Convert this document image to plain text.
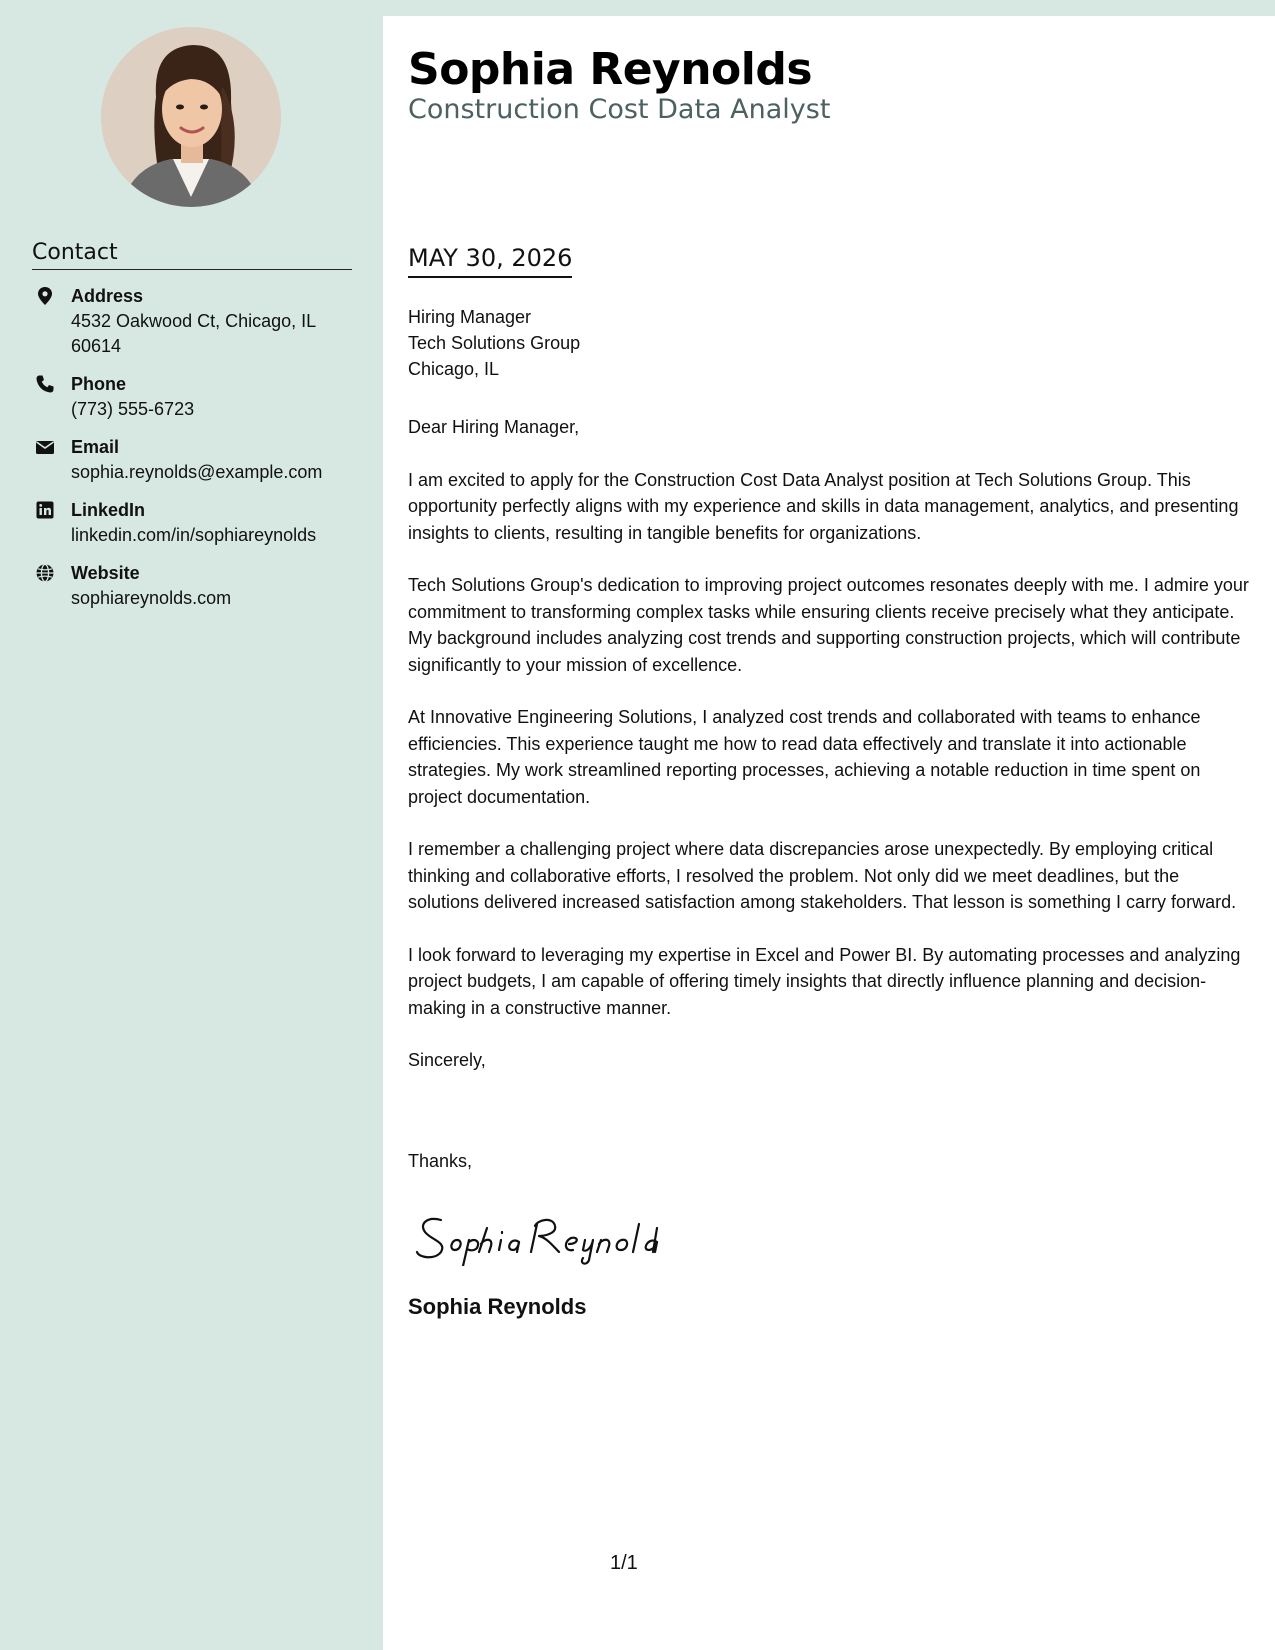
Contact
Address
4532 Oakwood Ct, Chicago, IL 60614
Phone
(773) 555-6723
Email
sophia.reynolds@example.com
LinkedIn
linkedin.com/in/sophiareynolds
Website
sophiareynolds.com
Sophia Reynolds
Construction Cost Data Analyst
MAY 30, 2026
Hiring Manager
Tech Solutions Group
Chicago, IL

Dear Hiring Manager,

I am excited to apply for the Construction Cost Data Analyst position at Tech Solutions Group. This opportunity perfectly aligns with my experience and skills in data management, analytics, and presenting insights to clients, resulting in tangible benefits for organizations.

Tech Solutions Group's dedication to improving project outcomes resonates deeply with me. I admire your commitment to transforming complex tasks while ensuring clients receive precisely what they anticipate. My background includes analyzing cost trends and supporting construction projects, which will contribute significantly to your mission of excellence.

At Innovative Engineering Solutions, I analyzed cost trends and collaborated with teams to enhance efficiencies. This experience taught me how to read data effectively and translate it into actionable strategies. My work streamlined reporting processes, achieving a notable reduction in time spent on project documentation.

I remember a challenging project where data discrepancies arose unexpectedly. By employing critical thinking and collaborative efforts, I resolved the problem. Not only did we meet deadlines, but the solutions delivered increased satisfaction among stakeholders. That lesson is something I carry forward.

I look forward to leveraging my expertise in Excel and Power BI. By automating processes and analyzing project budgets, I am capable of offering timely insights that directly influence planning and decision-making in a constructive manner.

Sincerely,

Thanks,
Sophia Reynolds
1/1
